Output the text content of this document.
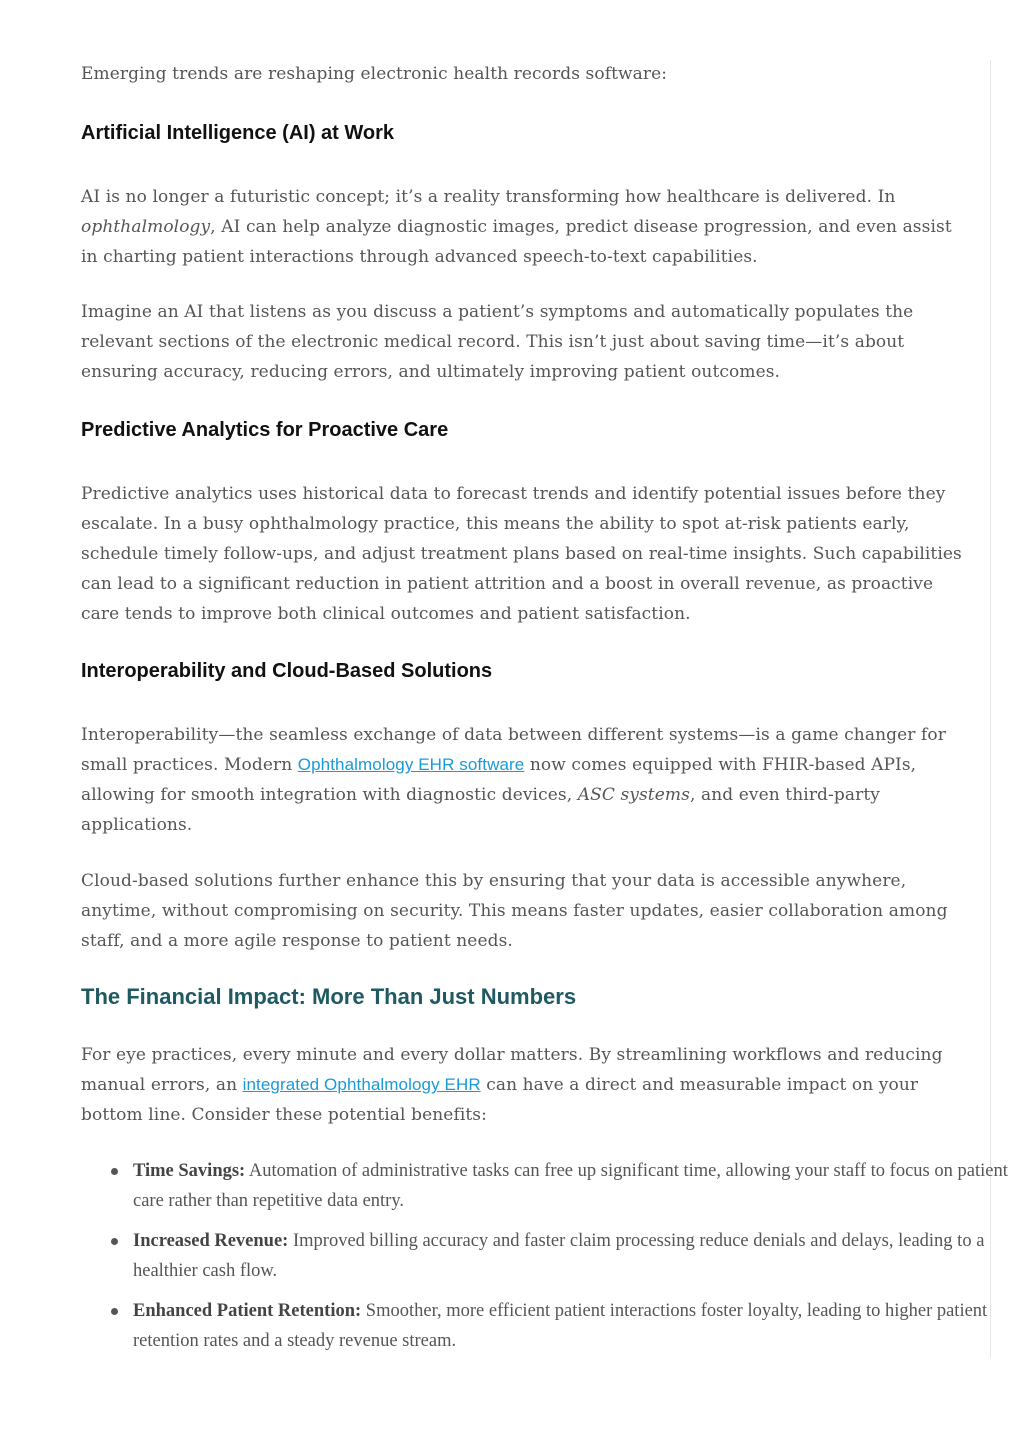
Emerging trends are reshaping electronic health records software:

Artificial Intelligence (AI) at Work

AI is no longer a futuristic concept; it’s a reality transforming how healthcare is delivered. In ophthalmology, AI can help analyze diagnostic images, predict disease progression, and even assist in charting patient interactions through advanced speech-to-text capabilities.

Imagine an AI that listens as you discuss a patient’s symptoms and automatically populates the relevant sections of the electronic medical record. This isn’t just about saving time—it’s about ensuring accuracy, reducing errors, and ultimately improving patient outcomes.

Predictive Analytics for Proactive Care

Predictive analytics uses historical data to forecast trends and identify potential issues before they escalate. In a busy ophthalmology practice, this means the ability to spot at-risk patients early, schedule timely follow-ups, and adjust treatment plans based on real-time insights. Such capabilities can lead to a significant reduction in patient attrition and a boost in overall revenue, as proactive care tends to improve both clinical outcomes and patient satisfaction.

Interoperability and Cloud-Based Solutions

Interoperability—the seamless exchange of data between different systems—is a game changer for small practices. Modern Ophthalmology EHR software now comes equipped with FHIR-based APIs, allowing for smooth integration with diagnostic devices, ASC systems, and even third-party applications.

Cloud-based solutions further enhance this by ensuring that your data is accessible anywhere, anytime, without compromising on security. This means faster updates, easier collaboration among staff, and a more agile response to patient needs.

The Financial Impact: More Than Just Numbers

For eye practices, every minute and every dollar matters. By streamlining workflows and reducing manual errors, an integrated Ophthalmology EHR can have a direct and measurable impact on your bottom line. Consider these potential benefits:

Time Savings: Automation of administrative tasks can free up significant time, allowing your staff to focus on patient care rather than repetitive data entry.
Increased Revenue: Improved billing accuracy and faster claim processing reduce denials and delays, leading to a healthier cash flow.
Enhanced Patient Retention: Smoother, more efficient patient interactions foster loyalty, leading to higher patient retention rates and a steady revenue stream.
